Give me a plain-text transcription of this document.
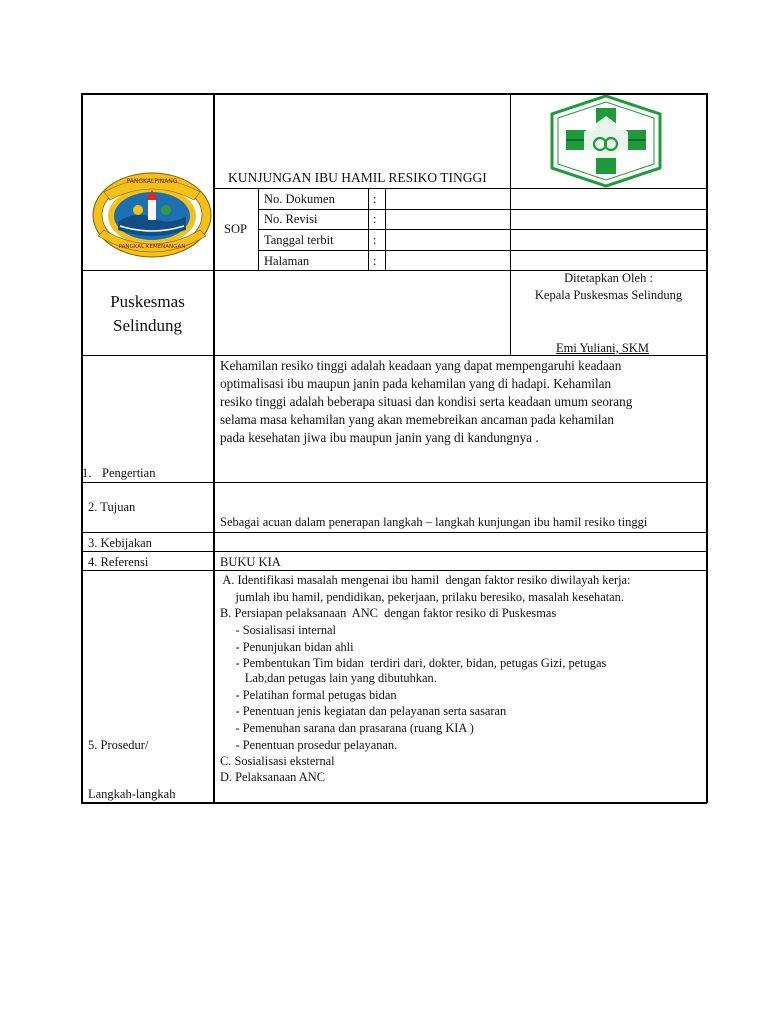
PANGKALPINANG
PANGKAL KEMENANGAN
KUNJUNGAN IBU HAMIL RESIKO TINGGI
SOP
No. Dokumen	:
No. Revisi	:
Tanggal terbit	:
Halaman	:
Puskesmas
Selindung
Ditetapkan Oleh :
Kepala Puskesmas Selindung
Emi Yuliani, SKM
1. Pengertian
Kehamilan resiko tinggi adalah keadaan yang dapat mempengaruhi keadaan
optimalisasi ibu maupun janin pada kehamilan yang di hadapi. Kehamilan
resiko tinggi adalah beberapa situasi dan kondisi serta keadaan umum seorang
selama masa kehamilan yang akan memebreikan ancaman pada kehamilan
pada kesehatan jiwa ibu maupun janin yang di kandungnya .
2. Tujuan
Sebagai acuan dalam penerapan langkah – langkah kunjungan ibu hamil resiko tinggi
3. Kebijakan
4. Referensi	BUKU KIA
5. Prosedur/
Langkah-langkah
A. Identifikasi masalah mengenai ibu hamil  dengan faktor resiko diwilayah kerja:
jumlah ibu hamil, pendidikan, pekerjaan, prilaku beresiko, masalah kesehatan.
B. Persiapan pelaksanaan  ANC  dengan faktor resiko di Puskesmas
- Sosialisasi internal
- Penunjukan bidan ahli
- Pembentukan Tim bidan  terdiri dari, dokter, bidan, petugas Gizi, petugas
Lab,dan petugas lain yang dibutuhkan.
- Pelatihan formal petugas bidan
- Penentuan jenis kegiatan dan pelayanan serta sasaran
- Pemenuhan sarana dan prasarana (ruang KIA )
- Penentuan prosedur pelayanan.
C. Sosialisasi eksternal
D. Pelaksanaan ANC
